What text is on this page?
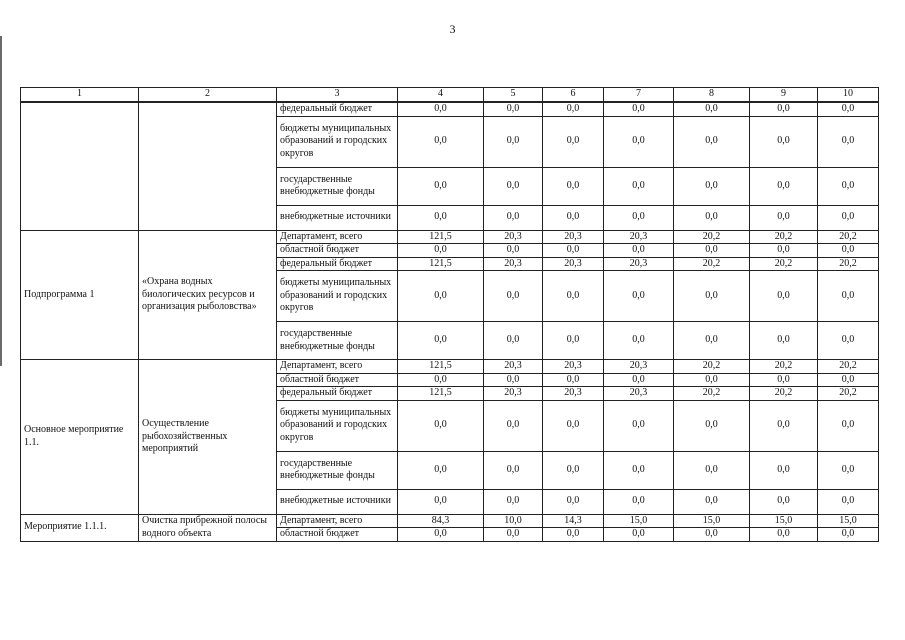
3
1	2	3	4	5	6	7	8	9	10
		федеральный бюджет	0,0	0,0	0,0	0,0	0,0	0,0	0,0
		бюджеты муниципальных образований и городских округов	0,0	0,0	0,0	0,0	0,0	0,0	0,0
		государственные внебюджетные фонды	0,0	0,0	0,0	0,0	0,0	0,0	0,0
		внебюджетные источники	0,0	0,0	0,0	0,0	0,0	0,0	0,0
Подпрограмма 1	«Охрана водных биологических ресурсов и организация рыболовства»	Департамент, всего	121,5	20,3	20,3	20,3	20,2	20,2	20,2
		областной бюджет	0,0	0,0	0,0	0,0	0,0	0,0	0,0
		федеральный бюджет	121,5	20,3	20,3	20,3	20,2	20,2	20,2
		бюджеты муниципальных образований и городских округов	0,0	0,0	0,0	0,0	0,0	0,0	0,0
		государственные внебюджетные фонды	0,0	0,0	0,0	0,0	0,0	0,0	0,0
Основное мероприятие 1.1.	Осуществление рыбохозяйственных мероприятий	Департамент, всего	121,5	20,3	20,3	20,3	20,2	20,2	20,2
		областной бюджет	0,0	0,0	0,0	0,0	0,0	0,0	0,0
		федеральный бюджет	121,5	20,3	20,3	20,3	20,2	20,2	20,2
		бюджеты муниципальных образований и городских округов	0,0	0,0	0,0	0,0	0,0	0,0	0,0
		государственные внебюджетные фонды	0,0	0,0	0,0	0,0	0,0	0,0	0,0
		внебюджетные источники	0,0	0,0	0,0	0,0	0,0	0,0	0,0
Мероприятие 1.1.1.	Очистка прибрежной полосы водного объекта	Департамент, всего	84,3	10,0	14,3	15,0	15,0	15,0	15,0
		областной бюджет	0,0	0,0	0,0	0,0	0,0	0,0	0,0
